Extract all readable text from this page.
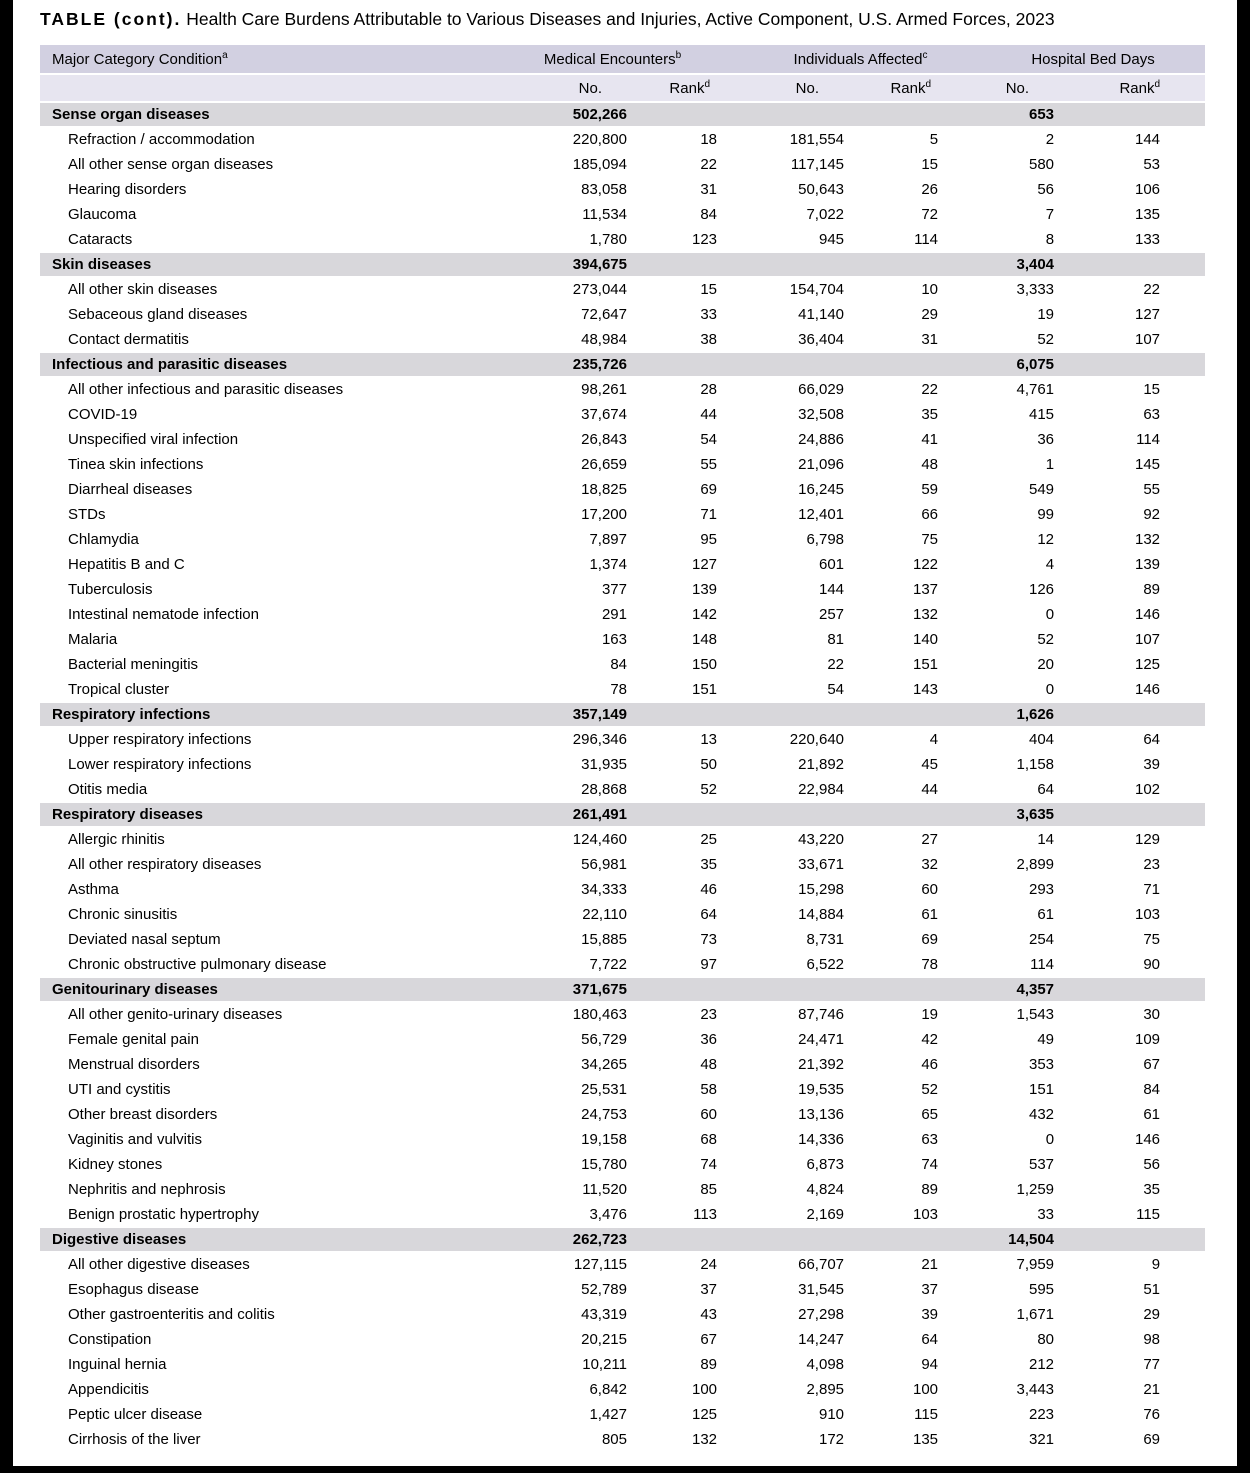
TABLE (cont). Health Care Burdens Attributable to Various Diseases and Injuries, Active Component, U.S. Armed Forces, 2023
Major Category Condition$^a$	Medical Encounters$^b$		Individuals Affected$^c$		Hospital Bed Days	
	No.	Rank$^d$	No.	Rank$^d$	No.	Rank$^d$
Sense organ diseases	502,266				653	
Refraction / accommodation	220,800	18	181,554	5	2	144
All other sense organ diseases	185,094	22	117,145	15	580	53
Hearing disorders	83,058	31	50,643	26	56	106
Glaucoma	11,534	84	7,022	72	7	135
Cataracts	1,780	123	945	114	8	133
Skin diseases	394,675				3,404	
All other skin diseases	273,044	15	154,704	10	3,333	22
Sebaceous gland diseases	72,647	33	41,140	29	19	127
Contact dermatitis	48,984	38	36,404	31	52	107
Infectious and parasitic diseases	235,726				6,075	
All other infectious and parasitic diseases	98,261	28	66,029	22	4,761	15
COVID-19	37,674	44	32,508	35	415	63
Unspecified viral infection	26,843	54	24,886	41	36	114
Tinea skin infections	26,659	55	21,096	48	1	145
Diarrheal diseases	18,825	69	16,245	59	549	55
STDs	17,200	71	12,401	66	99	92
Chlamydia	7,897	95	6,798	75	12	132
Hepatitis B and C	1,374	127	601	122	4	139
Tuberculosis	377	139	144	137	126	89
Intestinal nematode infection	291	142	257	132	0	146
Malaria	163	148	81	140	52	107
Bacterial meningitis	84	150	22	151	20	125
Tropical cluster	78	151	54	143	0	146
Respiratory infections	357,149				1,626	
Upper respiratory infections	296,346	13	220,640	4	404	64
Lower respiratory infections	31,935	50	21,892	45	1,158	39
Otitis media	28,868	52	22,984	44	64	102
Respiratory diseases	261,491				3,635	
Allergic rhinitis	124,460	25	43,220	27	14	129
All other respiratory diseases	56,981	35	33,671	32	2,899	23
Asthma	34,333	46	15,298	60	293	71
Chronic sinusitis	22,110	64	14,884	61	61	103
Deviated nasal septum	15,885	73	8,731	69	254	75
Chronic obstructive pulmonary disease	7,722	97	6,522	78	114	90
Genitourinary diseases	371,675				4,357	
All other genito-urinary diseases	180,463	23	87,746	19	1,543	30
Female genital pain	56,729	36	24,471	42	49	109
Menstrual disorders	34,265	48	21,392	46	353	67
UTI and cystitis	25,531	58	19,535	52	151	84
Other breast disorders	24,753	60	13,136	65	432	61
Vaginitis and vulvitis	19,158	68	14,336	63	0	146
Kidney stones	15,780	74	6,873	74	537	56
Nephritis and nephrosis	11,520	85	4,824	89	1,259	35
Benign prostatic hypertrophy	3,476	113	2,169	103	33	115
Digestive diseases	262,723				14,504	
All other digestive diseases	127,115	24	66,707	21	7,959	9
Esophagus disease	52,789	37	31,545	37	595	51
Other gastroenteritis and colitis	43,319	43	27,298	39	1,671	29
Constipation	20,215	67	14,247	64	80	98
Inguinal hernia	10,211	89	4,098	94	212	77
Appendicitis	6,842	100	2,895	100	3,443	21
Peptic ulcer disease	1,427	125	910	115	223	76
Cirrhosis of the liver	805	132	172	135	321	69
